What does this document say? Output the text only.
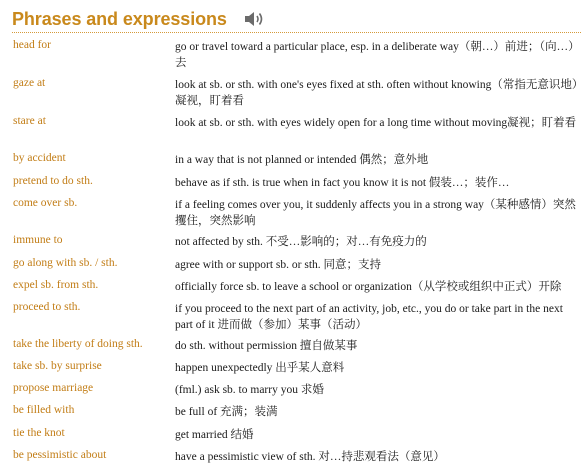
Phrases and expressions
head for	go or travel toward a particular place, esp. in a deliberate way（朝…）前进；（向…）去
gaze at	look at sb. or sth. with one's eyes fixed at sth. often without knowing（常指无意识地）凝视，盯着看
stare at	look at sb. or sth. with eyes widely open for a long time without moving凝视；盯着看
by accident	in a way that is not planned or intended 偶然；意外地
pretend to do sth.	behave as if sth. is true when in fact you know it is not 假装…；装作…
come over sb.	if a feeling comes over you, it suddenly affects you in a strong way（某种感情）突然攫住，突然影响
immune to	not affected by sth. 不受…影响的；对…有免疫力的
go along with sb. / sth.	agree with or support sb. or sth. 同意；支持
expel sb. from sth.	officially force sb. to leave a school or organization（从学校或组织中正式）开除
proceed to sth.	if you proceed to the next part of an activity, job, etc., you do or take part in the next part of it 进而做（参加）某事（活动）
take the liberty of doing sth.	do sth. without permission 擅自做某事
take sb. by surprise	happen unexpectedly 出乎某人意料
propose marriage	(fml.) ask sb. to marry you 求婚
be filled with	be full of 充满；装满
tie the knot	get married 结婚
be pessimistic about	have a pessimistic view of sth. 对…持悲观看法（意见）
